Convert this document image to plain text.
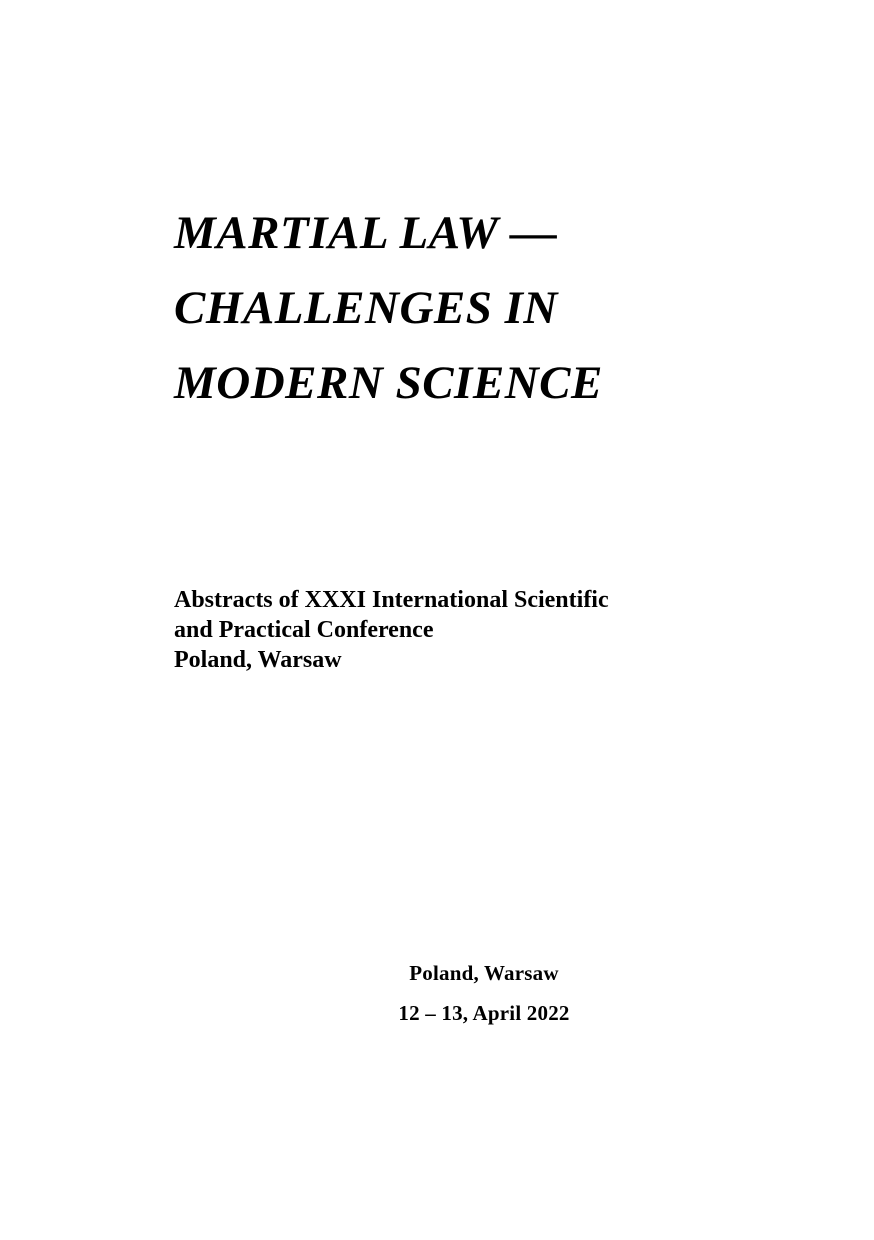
MARTIAL LAW —
CHALLENGES IN
MODERN SCIENCE
Abstracts of XXXI International Scientific
and Practical Conference
Poland, Warsaw
Poland, Warsaw
12 – 13, April 2022
